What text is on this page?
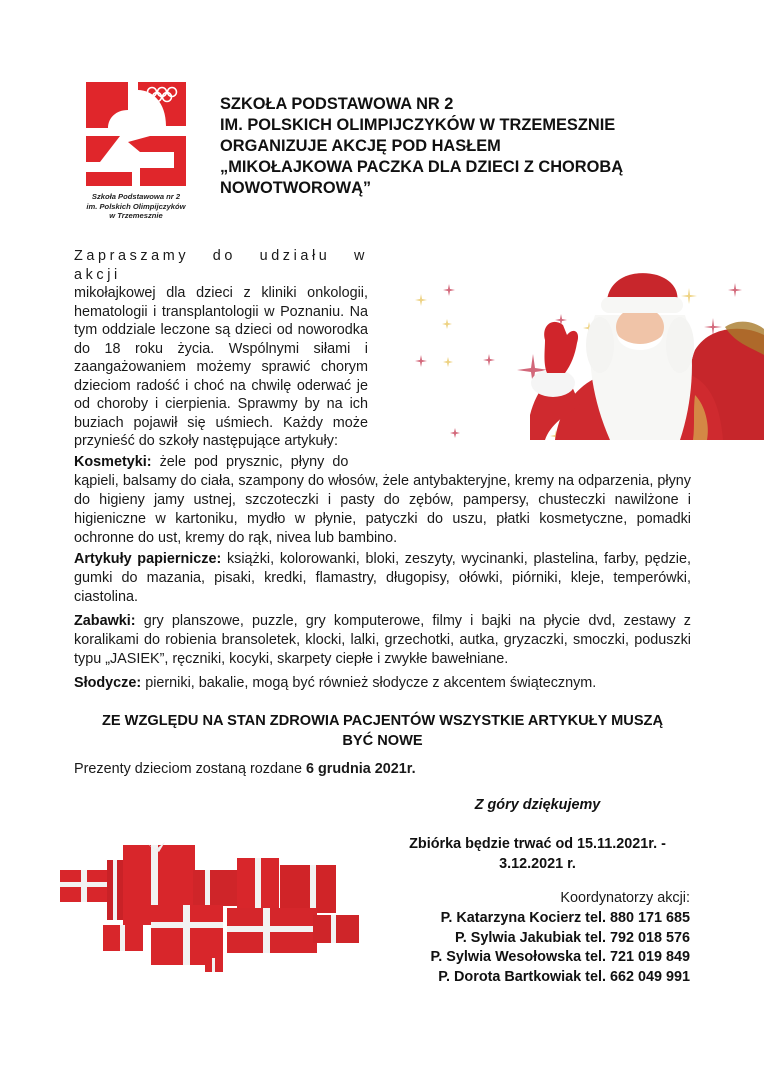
Szkoła Podstawowa nr 2
im. Polskich Olimpijczyków
w Trzemesznie
SZKOŁA PODSTAWOWA NR 2
IM. POLSKICH OLIMPIJCZYKÓW W TRZEMESZNIE
ORGANIZUJE AKCJĘ POD HASŁEM
„MIKOŁAJKOWA PACZKA DLA DZIECI Z CHOROBĄ
NOWOTWOROWĄ”
Zapraszamy do udziału w akcji
mikołajkowej dla dzieci z kliniki onkologii, hematologii i transplantologii w Poznaniu. Na tym oddziale leczone są dzieci od noworodka do 18 roku życia. Wspólnymi siłami i zaangażowaniem możemy sprawić chorym dzieciom radość i choć na chwilę oderwać je od choroby i cierpienia. Sprawmy by na ich buziach pojawił się uśmiech. Każdy może przynieść do szkoły następujące artykuły:
Kosmetyki: żele pod prysznic, płyny do
kąpieli, balsamy do ciała, szampony do włosów, żele antybakteryjne, kremy na odparzenia, płyny do higieny jamy ustnej, szczoteczki i pasty do zębów, pampersy, chusteczki nawilżone i higieniczne w kartoniku, mydło w płynie, patyczki do uszu, płatki kosmetyczne, pomadki ochronne do ust, kremy do rąk, nivea lub bambino.
Artykuły papiernicze: książki, kolorowanki, bloki, zeszyty, wycinanki, plastelina, farby, pędzie, gumki do mazania, pisaki, kredki, flamastry, długopisy, ołówki, piórniki, kleje, temperówki, ciastolina.
Zabawki: gry planszowe, puzzle, gry komputerowe, filmy i bajki na płycie dvd, zestawy z koralikami do robienia bransoletek, klocki, lalki, grzechotki, autka, gryzaczki, smoczki, poduszki typu „JASIEK”, ręczniki, kocyki, skarpety ciepłe i zwykłe bawełniane.
Słodycze: pierniki, bakalie, mogą być również słodycze z akcentem świątecznym.
ZE WZGLĘDU NA STAN ZDROWIA PACJENTÓW WSZYSTKIE ARTYKUŁY MUSZĄ
BYĆ NOWE
Prezenty dzieciom zostaną rozdane 6 grudnia 2021r.
Z góry dziękujemy
Zbiórka będzie trwać od 15.11.2021r. -
3.12.2021 r.
Koordynatorzy akcji:
P. Katarzyna Kocierz tel. 880 171 685
P. Sylwia Jakubiak tel. 792 018 576
P. Sylwia Wesołowska tel. 721 019 849
P. Dorota Bartkowiak tel. 662 049 991
